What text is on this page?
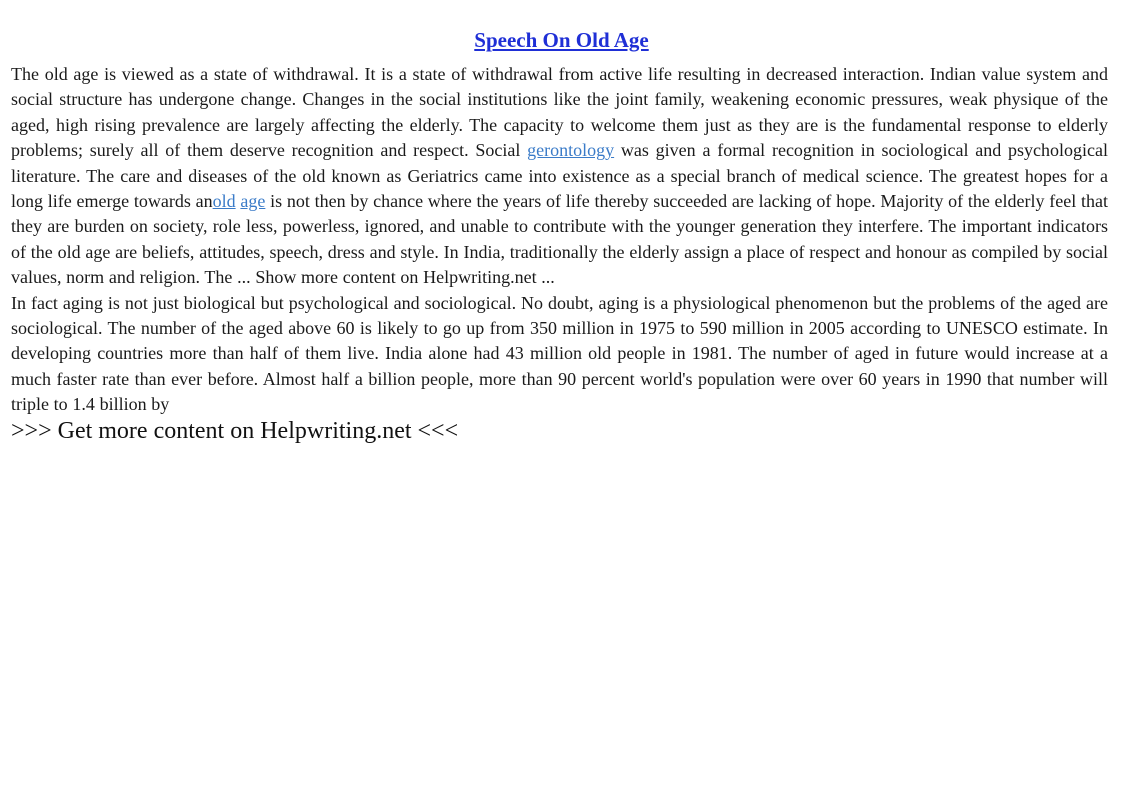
Speech On Old Age

The old age is viewed as a state of withdrawal. It is a state of withdrawal from active life resulting in decreased interaction. Indian value system and social structure has undergone change. Changes in the social institutions like the joint family, weakening economic pressures, weak physique of the aged, high rising prevalence are largely affecting the elderly. The capacity to welcome them just as they are is the fundamental response to elderly problems; surely all of them deserve recognition and respect. Social gerontology was given a formal recognition in sociological and psychological literature. The care and diseases of the old known as Geriatrics came into existence as a special branch of medical science. The greatest hopes for a long life emerge towards anold age is not then by chance where the years of life thereby succeeded are lacking of hope. Majority of the elderly feel that they are burden on society, role less, powerless, ignored, and unable to contribute with the younger generation they interfere. The important indicators of the old age are beliefs, attitudes, speech, dress and style. In India, traditionally the elderly assign a place of respect and honour as compiled by social values, norm and religion. The ... Show more content on Helpwriting.net ...

In fact aging is not just biological but psychological and sociological. No doubt, aging is a physiological phenomenon but the problems of the aged are sociological. The number of the aged above 60 is likely to go up from 350 million in 1975 to 590 million in 2005 according to UNESCO estimate. In developing countries more than half of them live. India alone had 43 million old people in 1981. The number of aged in future would increase at a much faster rate than ever before. Almost half a billion people, more than 90 percent world's population were over 60 years in 1990 that number will triple to 1.4 billion by

>>> Get more content on Helpwriting.net <<<
